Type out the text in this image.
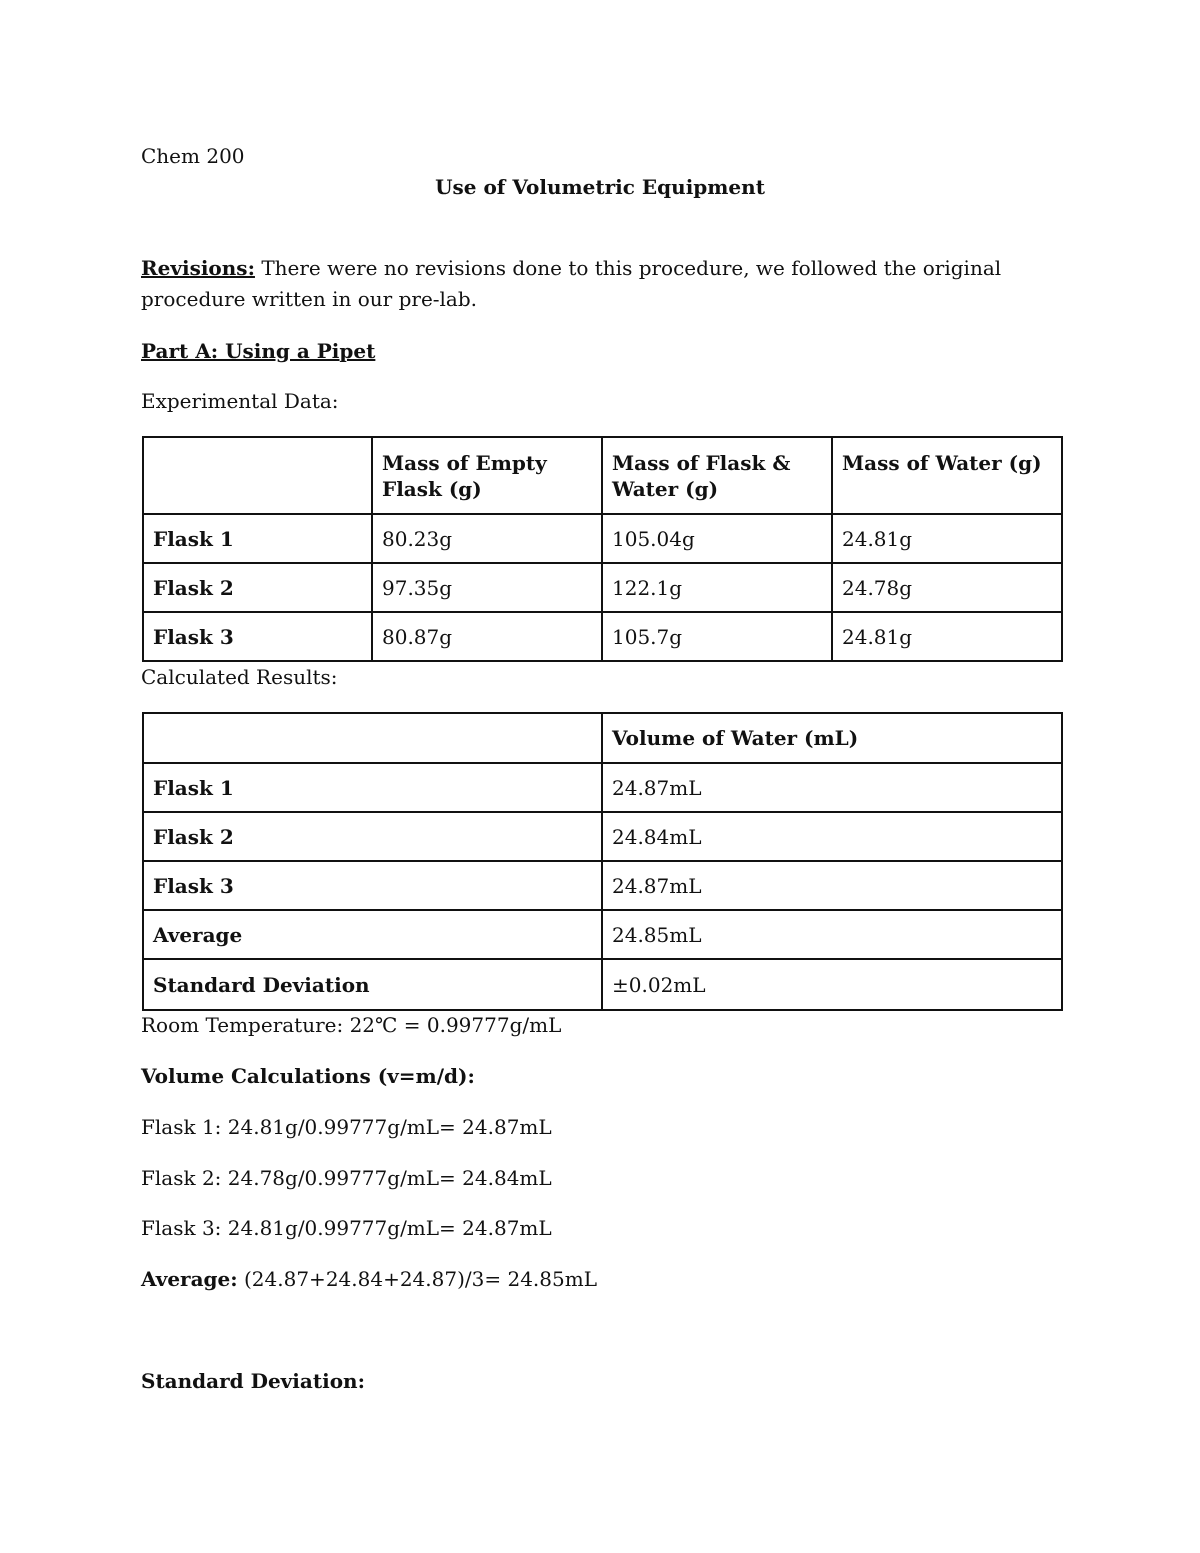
Chem 200
Use of Volumetric Equipment
Revisions: There were no revisions done to this procedure, we followed the original procedure written in our pre-lab.
Part A: Using a Pipet
Experimental Data:
	Mass of Empty Flask (g)	Mass of Flask & Water (g)	Mass of Water (g)
Flask 1	80.23g	105.04g	24.81g
Flask 2	97.35g	122.1g	24.78g
Flask 3	80.87g	105.7g	24.81g
Calculated Results:
	Volume of Water (mL)
Flask 1	24.87mL
Flask 2	24.84mL
Flask 3	24.87mL
Average	24.85mL
Standard Deviation	±0.02mL
Room Temperature: 22℃ = 0.99777g/mL
Volume Calculations (v=m/d):
Flask 1: 24.81g/0.99777g/mL= 24.87mL
Flask 2: 24.78g/0.99777g/mL= 24.84mL
Flask 3: 24.81g/0.99777g/mL= 24.87mL
Average: (24.87+24.84+24.87)/3= 24.85mL
Standard Deviation:
